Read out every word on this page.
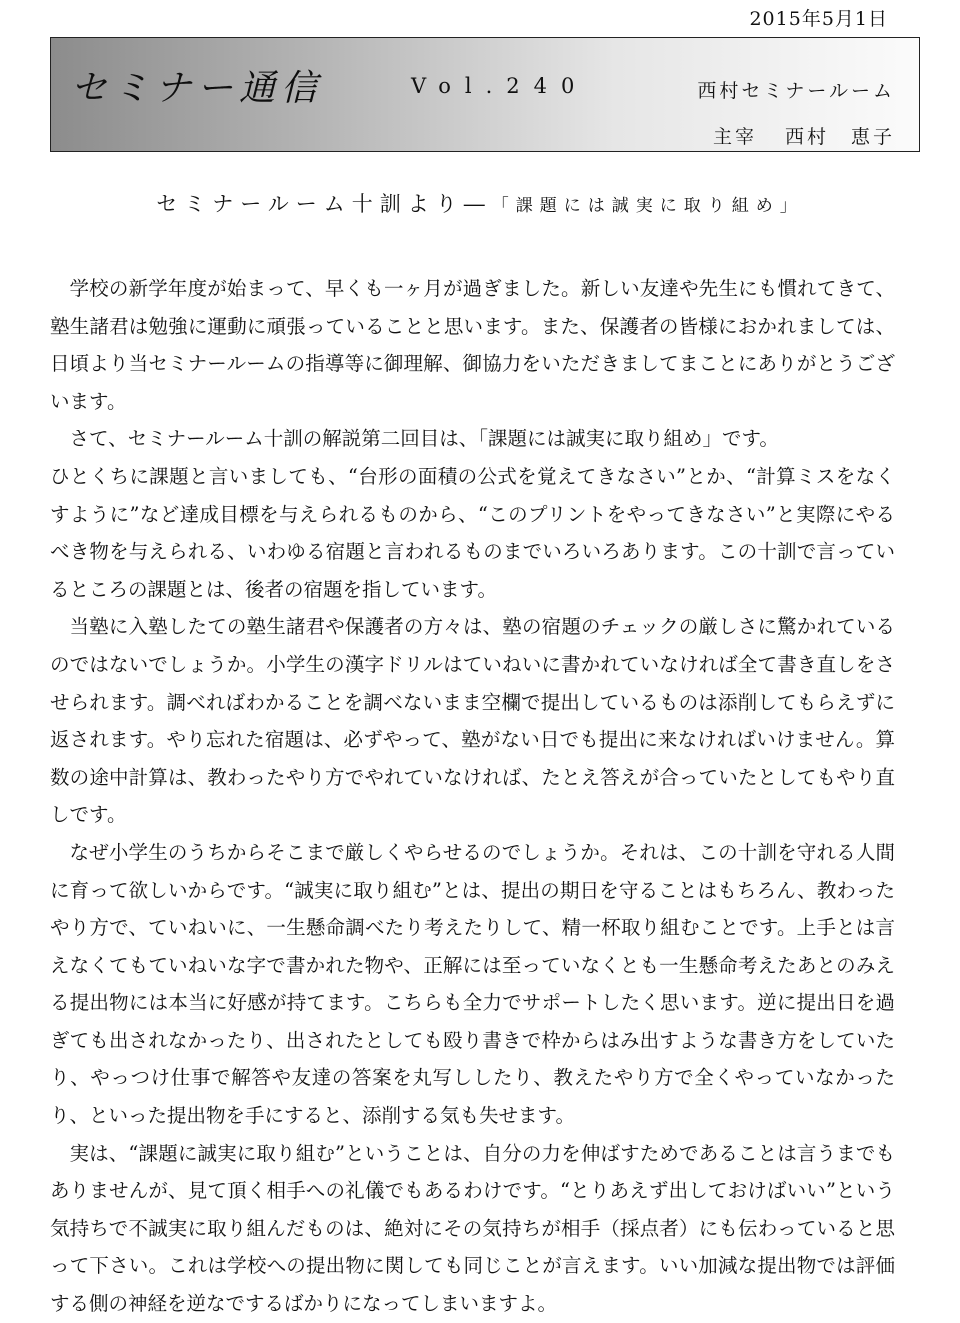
2015年5月1日
セミナー通信	Vol.240	西村セミナールーム
主宰 西村　恵子
セミナールーム十訓より―「課題には誠実に取り組め」

学校の新学年度が始まって、早くも一ヶ月が過ぎました。新しい友達や先生にも慣れてきて、塾生諸君は勉強に運動に頑張っていることと思います。また、保護者の皆様におかれましては、日頃より当セミナールームの指導等に御理解、御協力をいただきましてまことにありがとうございます。

さて、セミナールーム十訓の解説第二回目は、「課題には誠実に取り組め」です。

ひとくちに課題と言いましても、“台形の面積の公式を覚えてきなさい”とか、“計算ミスをなくすように”など達成目標を与えられるものから、“このプリントをやってきなさい”と実際にやるべき物を与えられる、いわゆる宿題と言われるものまでいろいろあります。この十訓で言っているところの課題とは、後者の宿題を指しています。

当塾に入塾したての塾生諸君や保護者の方々は、塾の宿題のチェックの厳しさに驚かれているのではないでしょうか。小学生の漢字ドリルはていねいに書かれていなければ全て書き直しをさせられます。調べればわかることを調べないまま空欄で提出しているものは添削してもらえずに返されます。やり忘れた宿題は、必ずやって、塾がない日でも提出に来なければいけません。算数の途中計算は、教わったやり方でやれていなければ、たとえ答えが合っていたとしてもやり直しです。

なぜ小学生のうちからそこまで厳しくやらせるのでしょうか。それは、この十訓を守れる人間に育って欲しいからです。“誠実に取り組む”とは、提出の期日を守ることはもちろん、教わったやり方で、ていねいに、一生懸命調べたり考えたりして、精一杯取り組むことです。上手とは言えなくてもていねいな字で書かれた物や、正解には至っていなくとも一生懸命考えたあとのみえる提出物には本当に好感が持てます。こちらも全力でサポートしたく思います。逆に提出日を過ぎても出されなかったり、出されたとしても殴り書きで枠からはみ出すような書き方をしていたり、やっつけ仕事で解答や友達の答案を丸写ししたり、教えたやり方で全くやっていなかったり、といった提出物を手にすると、添削する気も失せます。

実は、“課題に誠実に取り組む”ということは、自分の力を伸ばすためであることは言うまでもありませんが、見て頂く相手への礼儀でもあるわけです。“とりあえず出しておけばいい”という気持ちで不誠実に取り組んだものは、絶対にその気持ちが相手（採点者）にも伝わっていると思って下さい。これは学校への提出物に関しても同じことが言えます。いい加減な提出物では評価する側の神経を逆なでするばかりになってしまいますよ。
